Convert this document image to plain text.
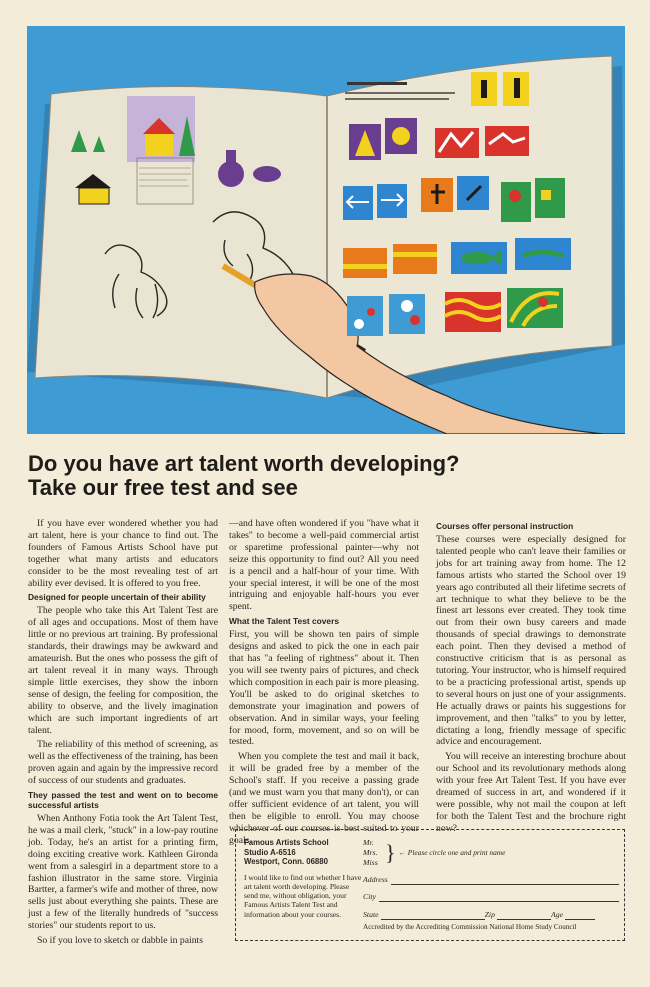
Do you have art talent worth developing?
Take our free test and see

If you have ever wondered whether you had art talent, here is your chance to find out. The founders of Famous Artists School have put together what many artists and educators consider to be the most revealing test of art ability ever devised. It is offered to you free.

Designed for people uncertain of their ability

The people who take this Art Talent Test are of all ages and occupations. Most of them have little or no previous art training. By professional standards, their drawings may be awkward and amateurish. But the ones who possess the gift of art talent reveal it in many ways. Through simple little exercises, they show the inborn sense of design, the feeling for composition, the ability to observe, and the lively imagination which are such important ingredients of art talent.

The reliability of this method of screening, as well as the effectiveness of the training, has been proven again and again by the impressive record of success of our students and graduates.

They passed the test and went on to become successful artists

When Anthony Fotia took the Art Talent Test, he was a mail clerk, "stuck" in a low-pay routine job. Today, he's an artist for a printing firm, doing exciting creative work. Kathleen Gironda went from a salesgirl in a department store to a fashion illustrator in the same store. Virginia Bartter, a farmer's wife and mother of three, now sells just about everything she paints. These are just a few of the literally hundreds of "success stories" our students report to us.

So if you love to sketch or dabble in paints

—and have often wondered if you "have what it takes" to become a well-paid commercial artist or sparetime professional painter—why not seize this opportunity to find out? All you need is a pencil and a half-hour of your time. With your special interest, it will be one of the most intriguing and enjoyable half-hours you ever spent.

What the Talent Test covers

First, you will be shown ten pairs of simple designs and asked to pick the one in each pair that has "a feeling of rightness" about it. Then you will see twenty pairs of pictures, and check which composition in each pair is more pleasing. You'll be asked to do original sketches to demonstrate your imagination and powers of observation. And in similar ways, your feeling for mood, form, movement, and so on will be tested.

When you complete the test and mail it back, it will be graded free by a member of the School's staff. If you receive a passing grade (and we must warn you that many don't), or can offer sufficient evidence of art talent, you will then be eligible to enroll. You may choose whichever of our courses is best suited to your goals.

Courses offer personal instruction

These courses were especially designed for talented people who can't leave their families or jobs for art training away from home. The 12 famous artists who started the School over 19 years ago contributed all their lifetime secrets of art technique to what they believe to be the finest art lessons ever created. They took time out from their own busy careers and made thousands of special drawings to demonstrate each point. Then they devised a method of constructive criticism that is as personal as tutoring. Your instructor, who is himself required to be a practicing professional artist, spends up to several hours on just one of your assignments. He actually draws or paints his suggestions for improvement, and then "talks" to you by letter, dictating a long, friendly message of specific advice and encouragement.

You will receive an interesting brochure about our School and its revolutionary methods along with your free Art Talent Test. If you have ever dreamed of success in art, and wondered if it were possible, why not mail the coupon at left for both the Talent Test and the brochure right now?

Famous Artists School
Studio A-6516
Westport, Conn. 06880
I would like to find out whether I have art talent worth developing. Please send me, without obligation, your Famous Artists Talent Test and information about your courses.
Mr.
Mrs.
Miss } ← Please circle one and print name
Address
City
State	Zip	Age
Accredited by the Accrediting Commission National Home Study Council
